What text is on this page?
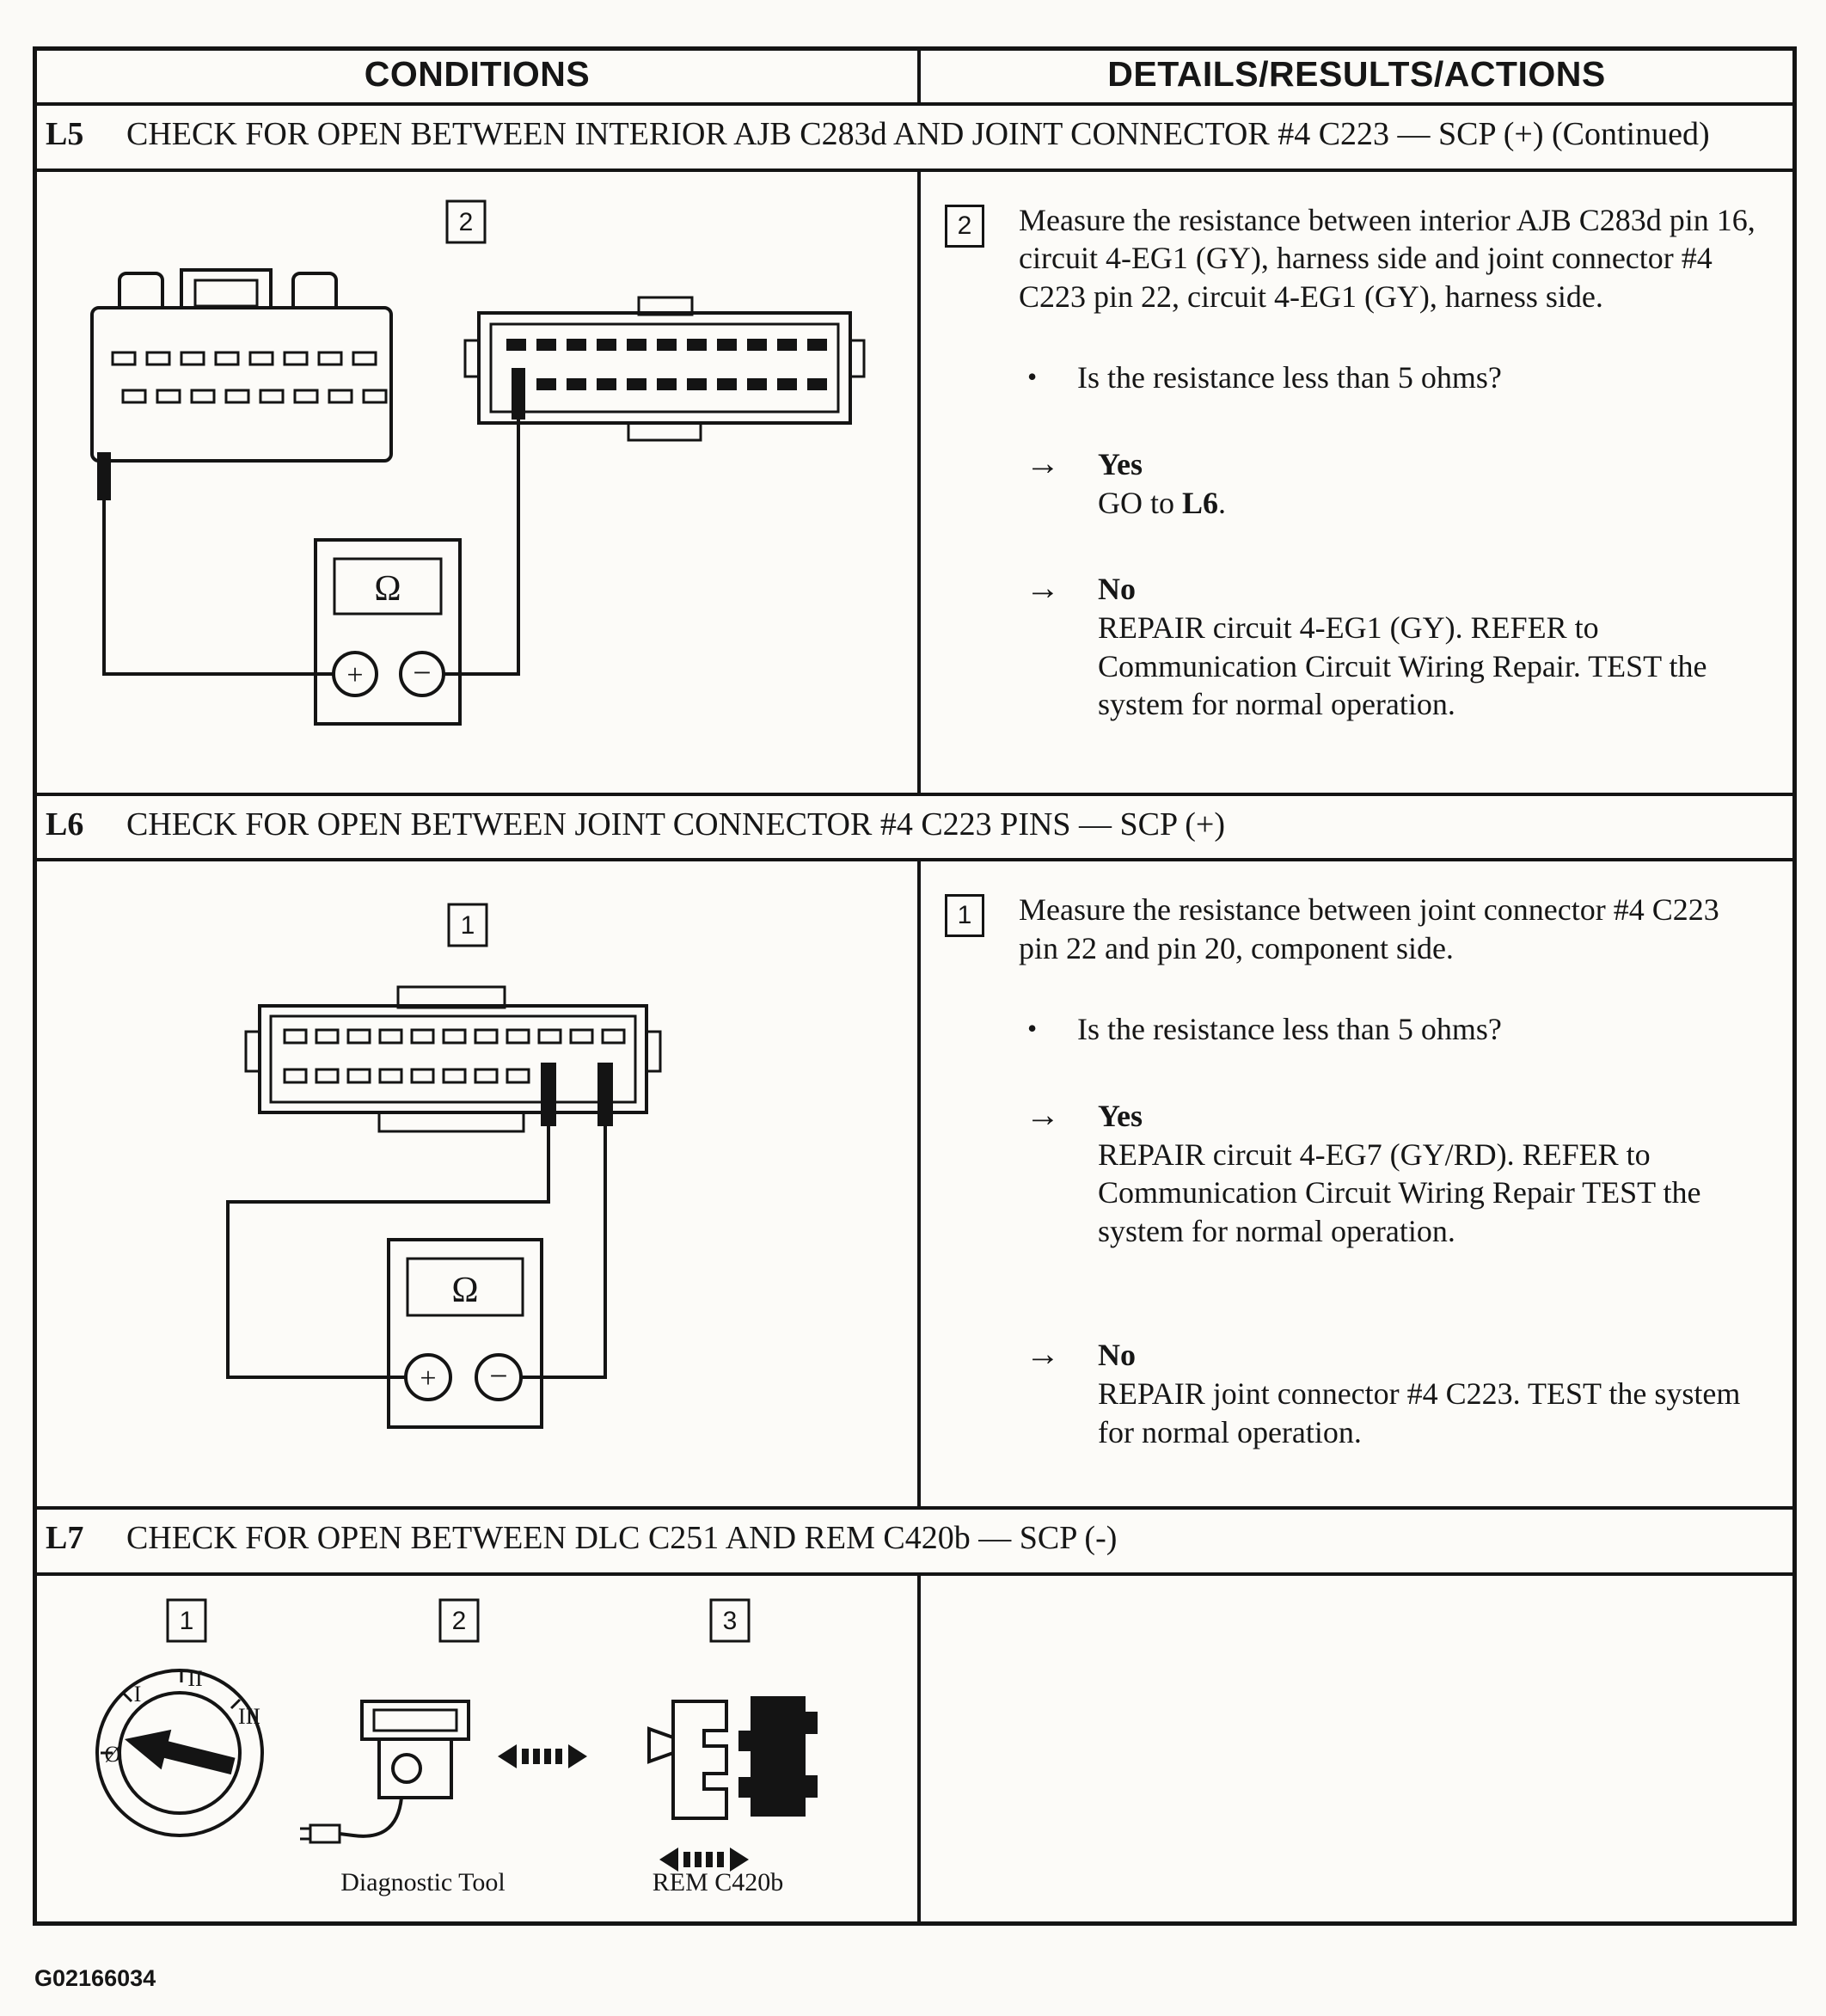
CONDITIONS	DETAILS/RESULTS/ACTIONS
L5	CHECK FOR OPEN BETWEEN INTERIOR AJB C283d AND JOINT CONNECTOR #4 C223 — SCP (+) (Continued)
2
Ω
+ −
2	Measure the resistance between interior AJB C283d pin 16, circuit 4-EG1 (GY), harness side and joint connector #4 C223 pin 22, circuit 4-EG1 (GY), harness side.

•	Is the resistance less than 5 ohms?
→	Yes
GO to L6.
→	No
REPAIR circuit 4-EG1 (GY). REFER to Communication Circuit Wiring Repair. TEST the system for normal operation.
L6	CHECK FOR OPEN BETWEEN JOINT CONNECTOR #4 C223 PINS — SCP (+)
1
Ω
+ −
1	Measure the resistance between joint connector #4 C223 pin 22 and pin 20, component side.

•	Is the resistance less than 5 ohms?
→	Yes
REPAIR circuit 4-EG7 (GY/RD). REFER to Communication Circuit Wiring Repair TEST the system for normal operation.
→	No
REPAIR joint connector #4 C223. TEST the system for normal operation.
L7	CHECK FOR OPEN BETWEEN DLC C251 AND REM C420b — SCP (-)
1	2	3
Ø
I
II
III
Diagnostic Tool	REM C420b
G02166034
